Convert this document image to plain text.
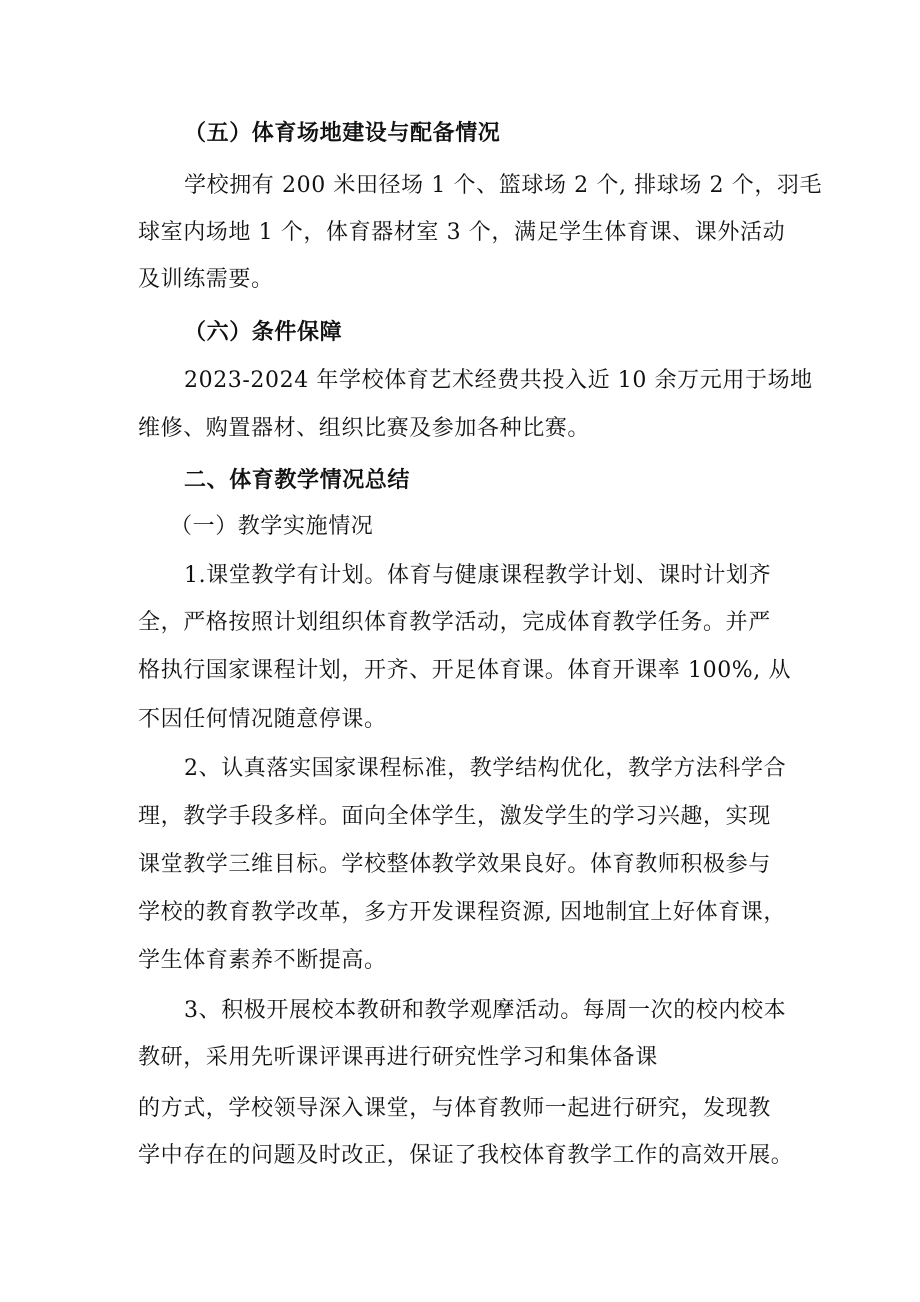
（五）体育场地建设与配备情况
学校拥有 200 米田径场 1 个、篮球场 2 个, 排球场 2 个，羽毛
球室内场地 1 个，体育器材室 3 个，满足学生体育课、课外活动
及训练需要。
（六）条件保障
2023-2024 年学校体育艺术经费共投入近 10 余万元用于场地
维修、购置器材、组织比赛及参加各种比赛。
二、体育教学情况总结
（一）教学实施情况
1.课堂教学有计划。体育与健康课程教学计划、课时计划齐
全，严格按照计划组织体育教学活动，完成体育教学任务。并严
格执行国家课程计划，开齐、开足体育课。体育开课率 100%, 从
不因任何情况随意停课。
2、认真落实国家课程标准，教学结构优化，教学方法科学合
理，教学手段多样。面向全体学生，激发学生的学习兴趣，实现
课堂教学三维目标。学校整体教学效果良好。体育教师积极参与
学校的教育教学改革，多方开发课程资源, 因地制宜上好体育课，
学生体育素养不断提高。
3、积极开展校本教研和教学观摩活动。每周一次的校内校本
教研，采用先听课评课再进行研究性学习和集体备课
的方式，学校领导深入课堂，与体育教师一起进行研究，发现教
学中存在的问题及时改正，保证了我校体育教学工作的高效开展。
